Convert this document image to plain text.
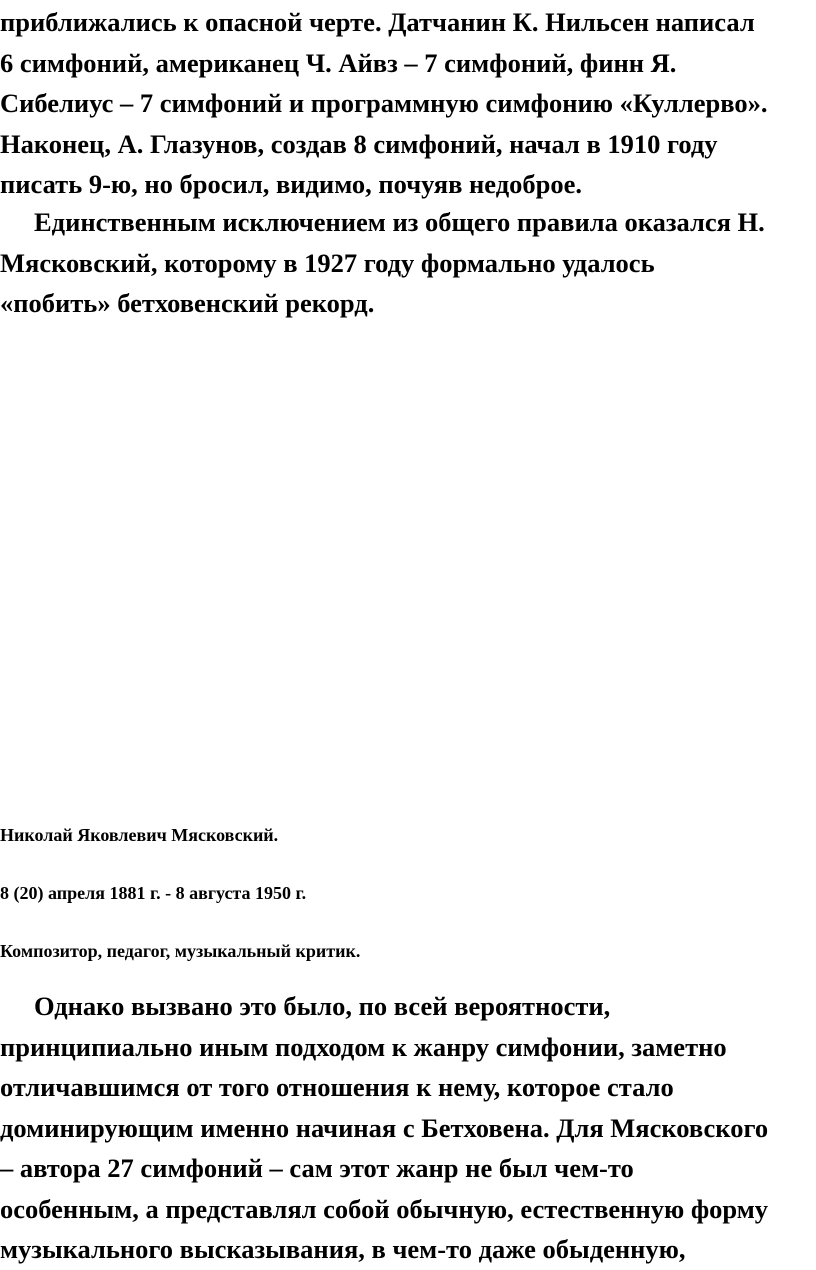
приближались к опасной черте. Датчанин К. Нильсен написал
6 симфоний, американец Ч. Айвз – 7 симфоний, финн Я.
Сибелиус – 7 симфоний и программную симфонию «Куллерво».
Наконец, А. Глазунов, создав 8 симфоний, начал в 1910 году
писать 9-ю, но бросил, видимо, почуяв недоброе.
Единственным исключением из общего правила оказался Н.
Мясковский, которому в 1927 году формально удалось
«побить» бетховенский рекорд.
Николай Яковлевич Мясковский.
8 (20) апреля 1881 г. - 8 августа 1950 г.
Композитор, педагог, музыкальный критик.
Однако вызвано это было, по всей вероятности,
принципиально иным подходом к жанру симфонии, заметно
отличавшимся от того отношения к нему, которое стало
доминирующим именно начиная с Бетховена. Для Мясковского
– автора 27 симфоний – сам этот жанр не был чем-то
особенным, а представлял собой обычную, естественную форму
музыкального высказывания, в чем-то даже обыденную,
